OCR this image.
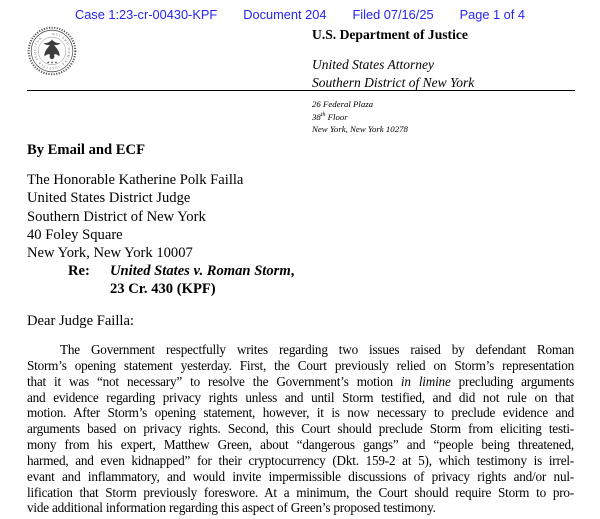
Case 1:23-cr-00430-KPF Document 204 Filed 07/16/25 Page 1 of 4
QUI PRO DOMINA JUSTITIA SEQUITUR
★ ★ ★
U.S. Department of Justice
United States Attorney
Southern District of New York
26 Federal Plaza
38th Floor
New York, New York 10278
By Email and ECF
The Honorable Katherine Polk Failla
United States District Judge
Southern District of New York
40 Foley Square
New York, New York 10007
Re:	United States v. Roman Storm,
23 Cr. 430 (KPF)
Dear Judge Failla:
The Government respectfully writes regarding two issues raised by defendant Roman
Storm’s opening statement yesterday. First, the Court previously relied on Storm’s representation
that it was “not necessary” to resolve the Government’s motion in limine precluding arguments
and evidence regarding privacy rights unless and until Storm testified, and did not rule on that
motion. After Storm’s opening statement, however, it is now necessary to preclude evidence and
arguments based on privacy rights. Second, this Court should preclude Storm from eliciting testi-
mony from his expert, Matthew Green, about “dangerous gangs” and “people being threatened,
harmed, and even kidnapped” for their cryptocurrency (Dkt. 159-2 at 5), which testimony is irrel-
evant and inflammatory, and would invite impermissible discussions of privacy rights and/or nul-
lification that Storm previously foreswore. At a minimum, the Court should require Storm to pro-
vide additional information regarding this aspect of Green’s proposed testimony.
